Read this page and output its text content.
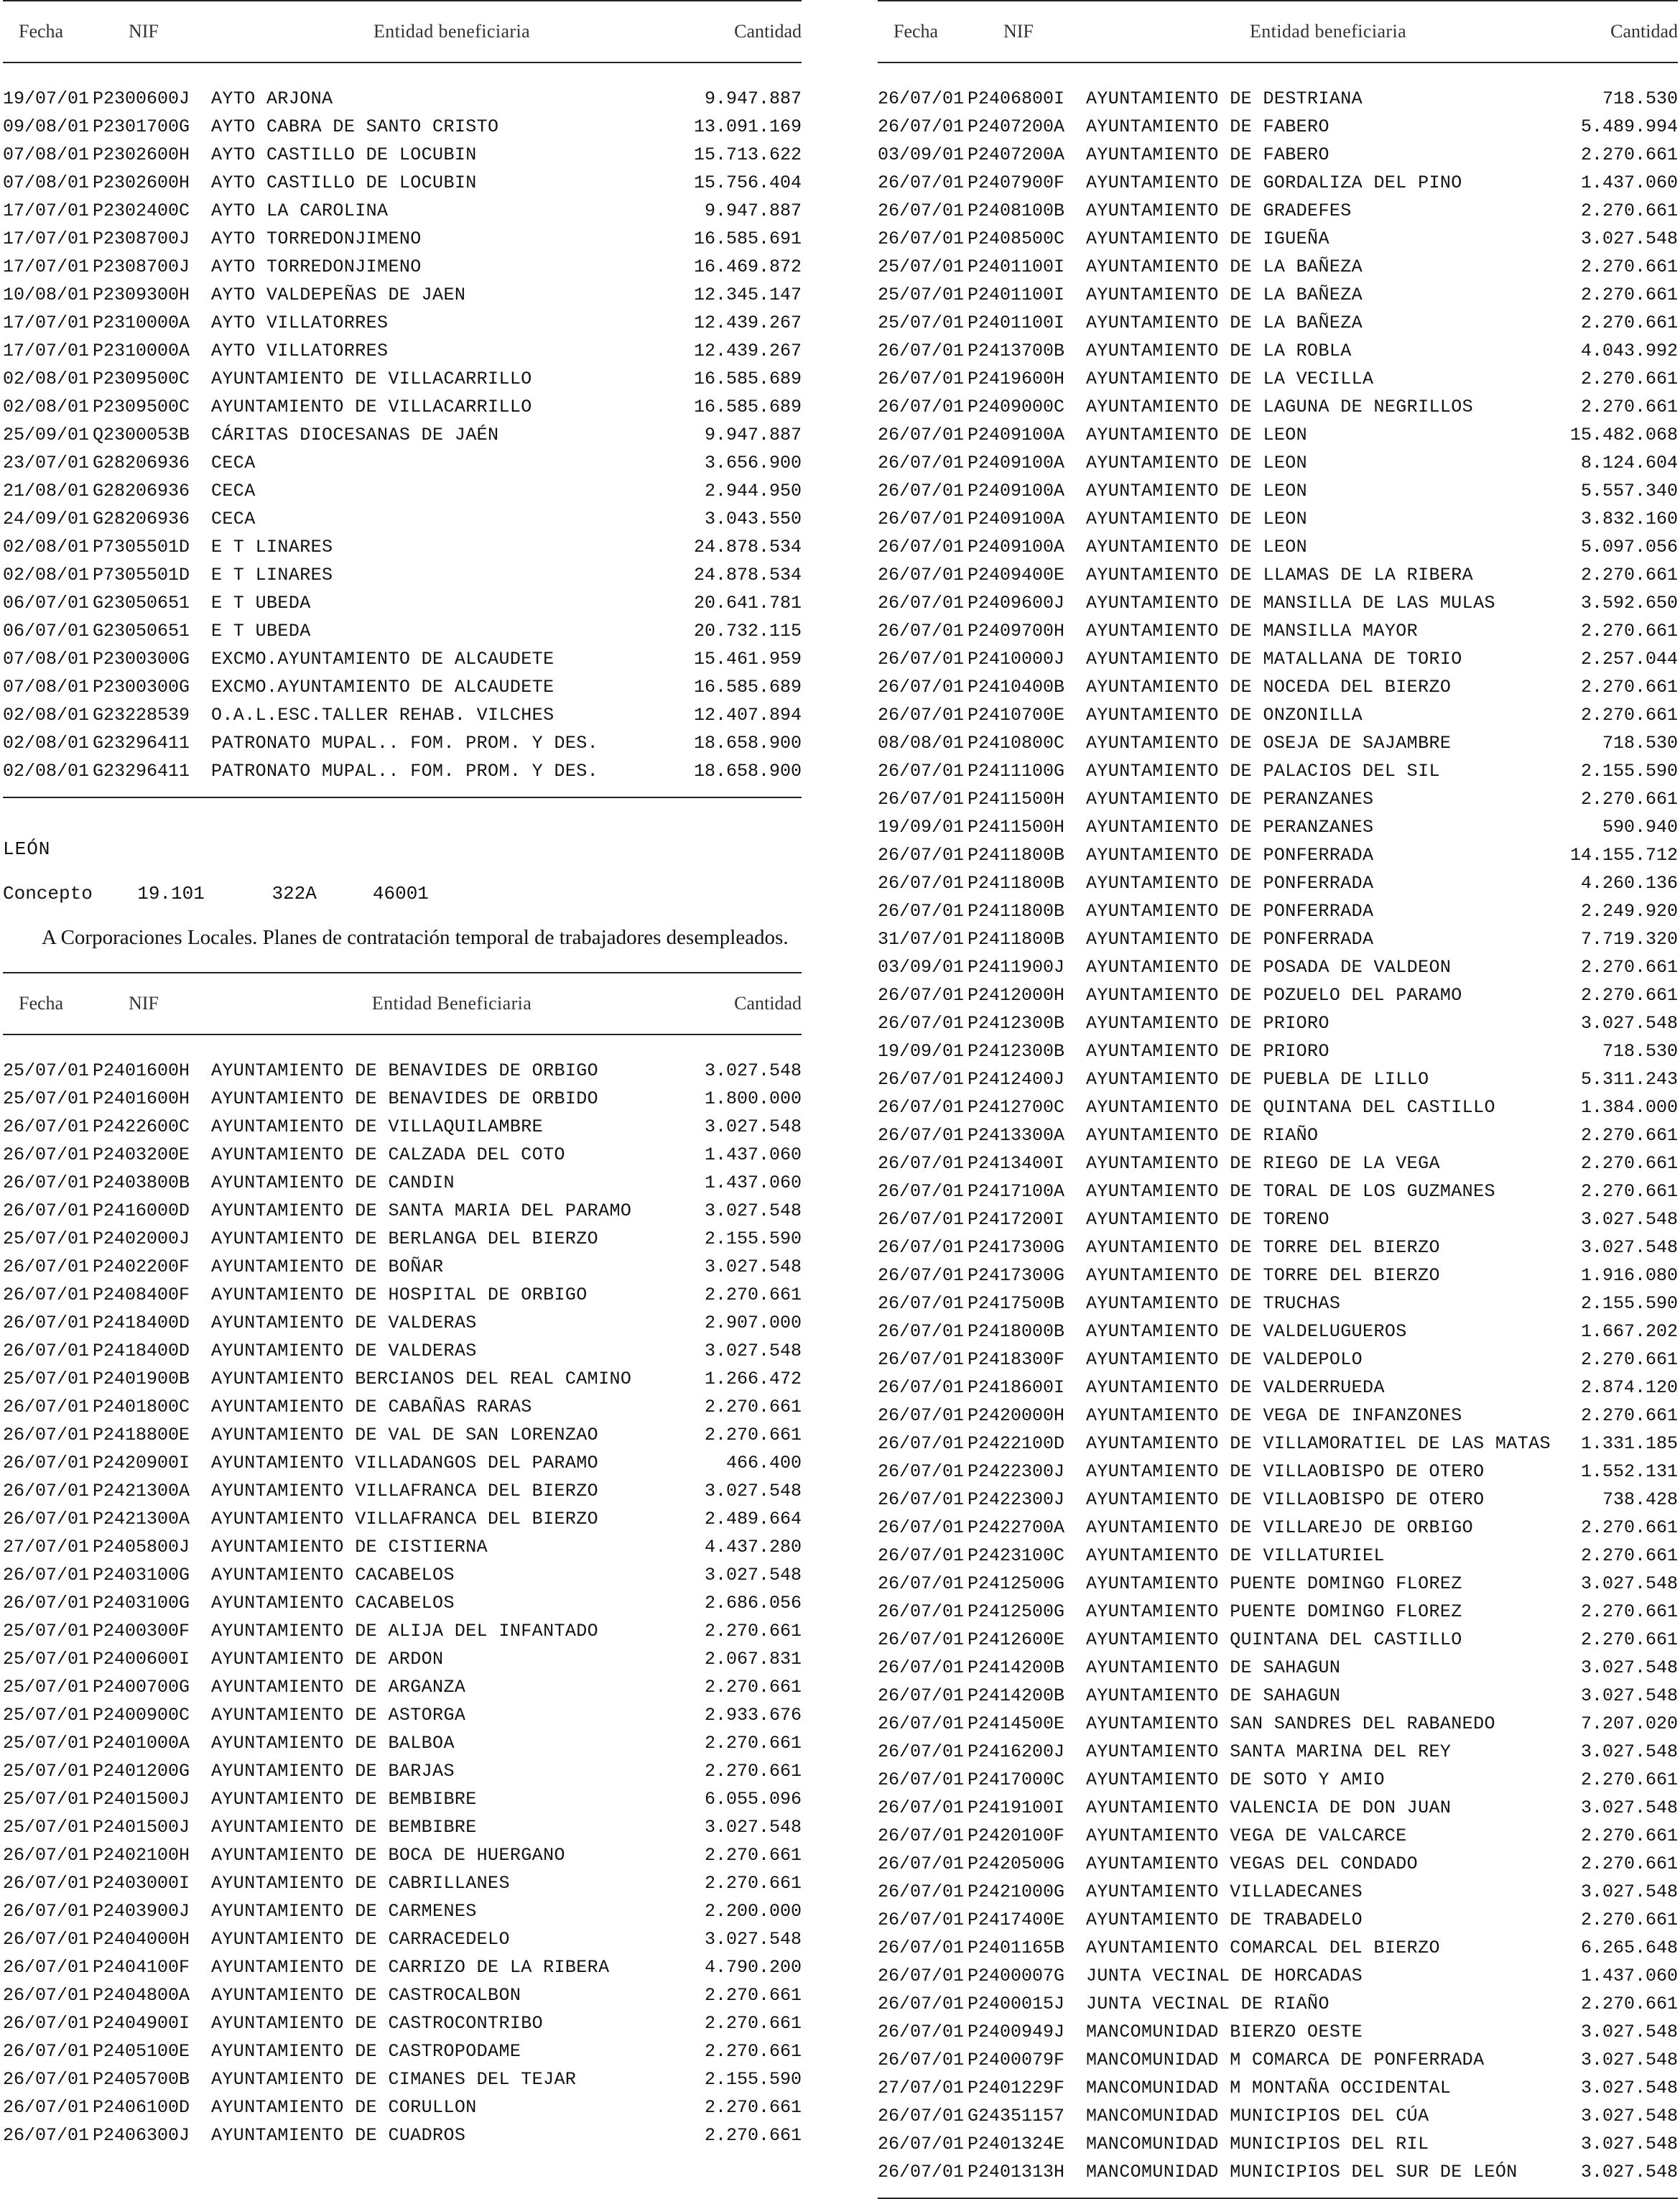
Fecha	NIF	Entidad beneficiaria	Cantidad
19/07/01 P2300600J	AYTO ARJONA	9.947.887
09/08/01 P2301700G	AYTO CABRA DE SANTO CRISTO	13.091.169
07/08/01 P2302600H	AYTO CASTILLO DE LOCUBIN	15.713.622
07/08/01 P2302600H	AYTO CASTILLO DE LOCUBIN	15.756.404
17/07/01 P2302400C	AYTO LA CAROLINA	9.947.887
17/07/01 P2308700J	AYTO TORREDONJIMENO	16.585.691
17/07/01 P2308700J	AYTO TORREDONJIMENO	16.469.872
10/08/01 P2309300H	AYTO VALDEPEÑAS DE JAEN	12.345.147
17/07/01 P2310000A	AYTO VILLATORRES	12.439.267
17/07/01 P2310000A	AYTO VILLATORRES	12.439.267
02/08/01 P2309500C	AYUNTAMIENTO DE VILLACARRILLO	16.585.689
02/08/01 P2309500C	AYUNTAMIENTO DE VILLACARRILLO	16.585.689
25/09/01 Q2300053B	CÁRITAS DIOCESANAS DE JAÉN	9.947.887
23/07/01 G28206936	CECA	3.656.900
21/08/01 G28206936	CECA	2.944.950
24/09/01 G28206936	CECA	3.043.550
02/08/01 P7305501D	E T LINARES	24.878.534
02/08/01 P7305501D	E T LINARES	24.878.534
06/07/01 G23050651	E T UBEDA	20.641.781
06/07/01 G23050651	E T UBEDA	20.732.115
07/08/01 P2300300G	EXCMO.AYUNTAMIENTO DE ALCAUDETE	15.461.959
07/08/01 P2300300G	EXCMO.AYUNTAMIENTO DE ALCAUDETE	16.585.689
02/08/01 G23228539	O.A.L.ESC.TALLER REHAB. VILCHES	12.407.894
02/08/01 G23296411	PATRONATO MUPAL.. FOM. PROM. Y DES.	18.658.900
02/08/01 G23296411	PATRONATO MUPAL.. FOM. PROM. Y DES.	18.658.900
LEÓN
Concepto    19.101      322A     46001
A Corporaciones Locales. Planes de contratación temporal de trabajadores desempleados.
Fecha	NIF	Entidad Beneficiaria	Cantidad
25/07/01 P2401600H	AYUNTAMIENTO DE BENAVIDES DE ORBIGO	3.027.548
25/07/01 P2401600H	AYUNTAMIENTO DE BENAVIDES DE ORBIDO	1.800.000
26/07/01 P2422600C	AYUNTAMIENTO DE VILLAQUILAMBRE	3.027.548
26/07/01 P2403200E	AYUNTAMIENTO DE CALZADA DEL COTO	1.437.060
26/07/01 P2403800B	AYUNTAMIENTO DE CANDIN	1.437.060
26/07/01 P2416000D	AYUNTAMIENTO DE SANTA MARIA DEL PARAMO	3.027.548
25/07/01 P2402000J	AYUNTAMIENTO DE BERLANGA DEL BIERZO	2.155.590
26/07/01 P2402200F	AYUNTAMIENTO DE BOÑAR	3.027.548
26/07/01 P2408400F	AYUNTAMIENTO DE HOSPITAL DE ORBIGO	2.270.661
26/07/01 P2418400D	AYUNTAMIENTO DE VALDERAS	2.907.000
26/07/01 P2418400D	AYUNTAMIENTO DE VALDERAS	3.027.548
25/07/01 P2401900B	AYUNTAMIENTO BERCIANOS DEL REAL CAMINO	1.266.472
26/07/01 P2401800C	AYUNTAMIENTO DE CABAÑAS RARAS	2.270.661
26/07/01 P2418800E	AYUNTAMIENTO DE VAL DE SAN LORENZAO	2.270.661
26/07/01 P2420900I	AYUNTAMIENTO VILLADANGOS DEL PARAMO	466.400
26/07/01 P2421300A	AYUNTAMIENTO VILLAFRANCA DEL BIERZO	3.027.548
26/07/01 P2421300A	AYUNTAMIENTO VILLAFRANCA DEL BIERZO	2.489.664
27/07/01 P2405800J	AYUNTAMIENTO DE CISTIERNA	4.437.280
26/07/01 P2403100G	AYUNTAMIENTO CACABELOS	3.027.548
26/07/01 P2403100G	AYUNTAMIENTO CACABELOS	2.686.056
25/07/01 P2400300F	AYUNTAMIENTO DE ALIJA DEL INFANTADO	2.270.661
25/07/01 P2400600I	AYUNTAMIENTO DE ARDON	2.067.831
25/07/01 P2400700G	AYUNTAMIENTO DE ARGANZA	2.270.661
25/07/01 P2400900C	AYUNTAMIENTO DE ASTORGA	2.933.676
25/07/01 P2401000A	AYUNTAMIENTO DE BALBOA	2.270.661
25/07/01 P2401200G	AYUNTAMIENTO DE BARJAS	2.270.661
25/07/01 P2401500J	AYUNTAMIENTO DE BEMBIBRE	6.055.096
25/07/01 P2401500J	AYUNTAMIENTO DE BEMBIBRE	3.027.548
26/07/01 P2402100H	AYUNTAMIENTO DE BOCA DE HUERGANO	2.270.661
26/07/01 P2403000I	AYUNTAMIENTO DE CABRILLANES	2.270.661
26/07/01 P2403900J	AYUNTAMIENTO DE CARMENES	2.200.000
26/07/01 P2404000H	AYUNTAMIENTO DE CARRACEDELO	3.027.548
26/07/01 P2404100F	AYUNTAMIENTO DE CARRIZO DE LA RIBERA	4.790.200
26/07/01 P2404800A	AYUNTAMIENTO DE CASTROCALBON	2.270.661
26/07/01 P2404900I	AYUNTAMIENTO DE CASTROCONTRIBO	2.270.661
26/07/01 P2405100E	AYUNTAMIENTO DE CASTROPODAME	2.270.661
26/07/01 P2405700B	AYUNTAMIENTO DE CIMANES DEL TEJAR	2.155.590
26/07/01 P2406100D	AYUNTAMIENTO DE CORULLON	2.270.661
26/07/01 P2406300J	AYUNTAMIENTO DE CUADROS	2.270.661
Fecha	NIF	Entidad beneficiaria	Cantidad
26/07/01 P2406800I	AYUNTAMIENTO DE DESTRIANA	718.530
26/07/01 P2407200A	AYUNTAMIENTO DE FABERO	5.489.994
03/09/01 P2407200A	AYUNTAMIENTO DE FABERO	2.270.661
26/07/01 P2407900F	AYUNTAMIENTO DE GORDALIZA DEL PINO	1.437.060
26/07/01 P2408100B	AYUNTAMIENTO DE GRADEFES	2.270.661
26/07/01 P2408500C	AYUNTAMIENTO DE IGUEÑA	3.027.548
25/07/01 P2401100I	AYUNTAMIENTO DE LA BAÑEZA	2.270.661
25/07/01 P2401100I	AYUNTAMIENTO DE LA BAÑEZA	2.270.661
25/07/01 P2401100I	AYUNTAMIENTO DE LA BAÑEZA	2.270.661
26/07/01 P2413700B	AYUNTAMIENTO DE LA ROBLA	4.043.992
26/07/01 P2419600H	AYUNTAMIENTO DE LA VECILLA	2.270.661
26/07/01 P2409000C	AYUNTAMIENTO DE LAGUNA DE NEGRILLOS	2.270.661
26/07/01 P2409100A	AYUNTAMIENTO DE LEON	15.482.068
26/07/01 P2409100A	AYUNTAMIENTO DE LEON	8.124.604
26/07/01 P2409100A	AYUNTAMIENTO DE LEON	5.557.340
26/07/01 P2409100A	AYUNTAMIENTO DE LEON	3.832.160
26/07/01 P2409100A	AYUNTAMIENTO DE LEON	5.097.056
26/07/01 P2409400E	AYUNTAMIENTO DE LLAMAS DE LA RIBERA	2.270.661
26/07/01 P2409600J	AYUNTAMIENTO DE MANSILLA DE LAS MULAS	3.592.650
26/07/01 P2409700H	AYUNTAMIENTO DE MANSILLA MAYOR	2.270.661
26/07/01 P2410000J	AYUNTAMIENTO DE MATALLANA DE TORIO	2.257.044
26/07/01 P2410400B	AYUNTAMIENTO DE NOCEDA DEL BIERZO	2.270.661
26/07/01 P2410700E	AYUNTAMIENTO DE ONZONILLA	2.270.661
08/08/01 P2410800C	AYUNTAMIENTO DE OSEJA DE SAJAMBRE	718.530
26/07/01 P2411100G	AYUNTAMIENTO DE PALACIOS DEL SIL	2.155.590
26/07/01 P2411500H	AYUNTAMIENTO DE PERANZANES	2.270.661
19/09/01 P2411500H	AYUNTAMIENTO DE PERANZANES	590.940
26/07/01 P2411800B	AYUNTAMIENTO DE PONFERRADA	14.155.712
26/07/01 P2411800B	AYUNTAMIENTO DE PONFERRADA	4.260.136
26/07/01 P2411800B	AYUNTAMIENTO DE PONFERRADA	2.249.920
31/07/01 P2411800B	AYUNTAMIENTO DE PONFERRADA	7.719.320
03/09/01 P2411900J	AYUNTAMIENTO DE POSADA DE VALDEON	2.270.661
26/07/01 P2412000H	AYUNTAMIENTO DE POZUELO DEL PARAMO	2.270.661
26/07/01 P2412300B	AYUNTAMIENTO DE PRIORO	3.027.548
19/09/01 P2412300B	AYUNTAMIENTO DE PRIORO	718.530
26/07/01 P2412400J	AYUNTAMIENTO DE PUEBLA DE LILLO	5.311.243
26/07/01 P2412700C	AYUNTAMIENTO DE QUINTANA DEL CASTILLO	1.384.000
26/07/01 P2413300A	AYUNTAMIENTO DE RIAÑO	2.270.661
26/07/01 P2413400I	AYUNTAMIENTO DE RIEGO DE LA VEGA	2.270.661
26/07/01 P2417100A	AYUNTAMIENTO DE TORAL DE LOS GUZMANES	2.270.661
26/07/01 P2417200I	AYUNTAMIENTO DE TORENO	3.027.548
26/07/01 P2417300G	AYUNTAMIENTO DE TORRE DEL BIERZO	3.027.548
26/07/01 P2417300G	AYUNTAMIENTO DE TORRE DEL BIERZO	1.916.080
26/07/01 P2417500B	AYUNTAMIENTO DE TRUCHAS	2.155.590
26/07/01 P2418000B	AYUNTAMIENTO DE VALDELUGUEROS	1.667.202
26/07/01 P2418300F	AYUNTAMIENTO DE VALDEPOLO	2.270.661
26/07/01 P2418600I	AYUNTAMIENTO DE VALDERRUEDA	2.874.120
26/07/01 P2420000H	AYUNTAMIENTO DE VEGA DE INFANZONES	2.270.661
26/07/01 P2422100D	AYUNTAMIENTO DE VILLAMORATIEL DE LAS MATAS	1.331.185
26/07/01 P2422300J	AYUNTAMIENTO DE VILLAOBISPO DE OTERO	1.552.131
26/07/01 P2422300J	AYUNTAMIENTO DE VILLAOBISPO DE OTERO	738.428
26/07/01 P2422700A	AYUNTAMIENTO DE VILLAREJO DE ORBIGO	2.270.661
26/07/01 P2423100C	AYUNTAMIENTO DE VILLATURIEL	2.270.661
26/07/01 P2412500G	AYUNTAMIENTO PUENTE DOMINGO FLOREZ	3.027.548
26/07/01 P2412500G	AYUNTAMIENTO PUENTE DOMINGO FLOREZ	2.270.661
26/07/01 P2412600E	AYUNTAMIENTO QUINTANA DEL CASTILLO	2.270.661
26/07/01 P2414200B	AYUNTAMIENTO DE SAHAGUN	3.027.548
26/07/01 P2414200B	AYUNTAMIENTO DE SAHAGUN	3.027.548
26/07/01 P2414500E	AYUNTAMIENTO SAN SANDRES DEL RABANEDO	7.207.020
26/07/01 P2416200J	AYUNTAMIENTO SANTA MARINA DEL REY	3.027.548
26/07/01 P2417000C	AYUNTAMIENTO DE SOTO Y AMIO	2.270.661
26/07/01 P2419100I	AYUNTAMIENTO VALENCIA DE DON JUAN	3.027.548
26/07/01 P2420100F	AYUNTAMIENTO VEGA DE VALCARCE	2.270.661
26/07/01 P2420500G	AYUNTAMIENTO VEGAS DEL CONDADO	2.270.661
26/07/01 P2421000G	AYUNTAMIENTO VILLADECANES	3.027.548
26/07/01 P2417400E	AYUNTAMIENTO DE TRABADELO	2.270.661
26/07/01 P2401165B	AYUNTAMIENTO COMARCAL DEL BIERZO	6.265.648
26/07/01 P2400007G	JUNTA VECINAL DE HORCADAS	1.437.060
26/07/01 P2400015J	JUNTA VECINAL DE RIAÑO	2.270.661
26/07/01 P2400949J	MANCOMUNIDAD BIERZO OESTE	3.027.548
26/07/01 P2400079F	MANCOMUNIDAD M COMARCA DE PONFERRADA	3.027.548
27/07/01 P2401229F	MANCOMUNIDAD M MONTAÑA OCCIDENTAL	3.027.548
26/07/01 G24351157	MANCOMUNIDAD MUNICIPIOS DEL CÚA	3.027.548
26/07/01 P2401324E	MANCOMUNIDAD MUNICIPIOS DEL RIL	3.027.548
26/07/01 P2401313H	MANCOMUNIDAD MUNICIPIOS DEL SUR DE LEÓN	3.027.548
